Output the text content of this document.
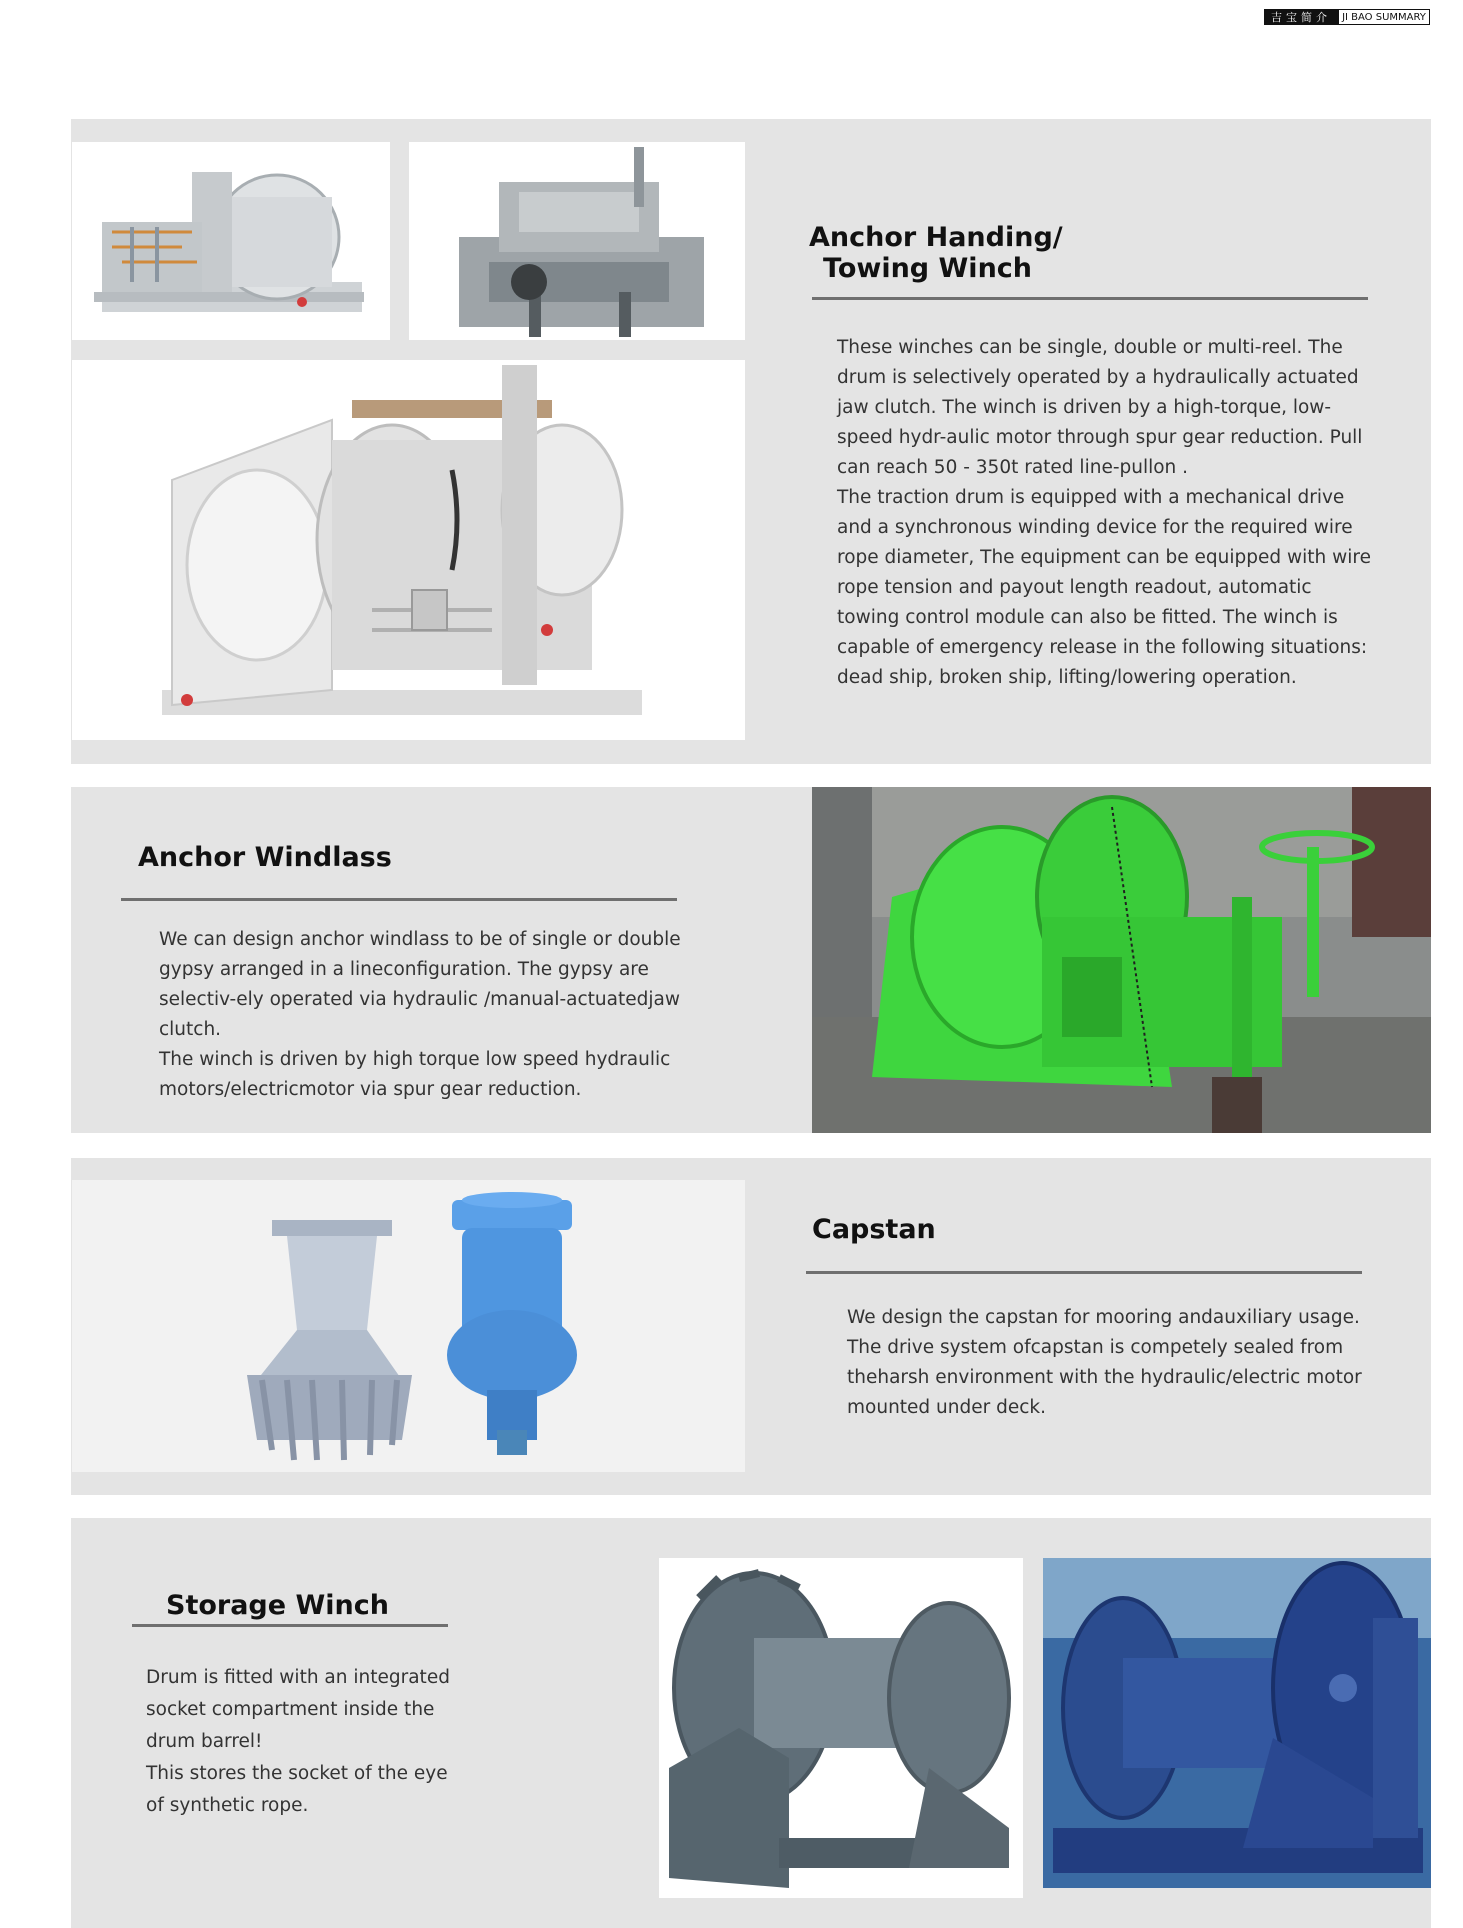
吉宝简介	JI BAO SUMMARY
Anchor Handing/
Towing Winch

These winches can be single, double or multi-reel. The drum is selectively operated by a hydraulically actuated jaw clutch. The winch is driven by a high-torque, low-speed hydr-aulic motor through spur gear reduction. Pull can reach 50 - 350t rated line-pullon .

The traction drum is equipped with a mechanical drive and a synchronous winding device for the required wire rope diameter, The equipment can be equipped with wire rope tension and payout length readout, automatic towing control module can also be fitted. The winch is capable of emergency release in the following situations: dead ship, broken ship, lifting/lowering operation.

Anchor Windlass

We can design anchor windlass to be of single or double gypsy arranged in a lineconfiguration. The gypsy are selectiv-ely operated via hydraulic /manual-actuatedjaw clutch.

The winch is driven by high torque low speed hydraulic motors/electricmotor via spur gear reduction.

Capstan

We design the capstan for mooring andauxiliary usage.

The drive system ofcapstan is competely sealed from theharsh environment with the hydraulic/electric motor mounted under deck.

Storage Winch

Drum is fitted with an integrated socket compartment inside the drum barrel!

This stores the socket of the eye of synthetic rope.
